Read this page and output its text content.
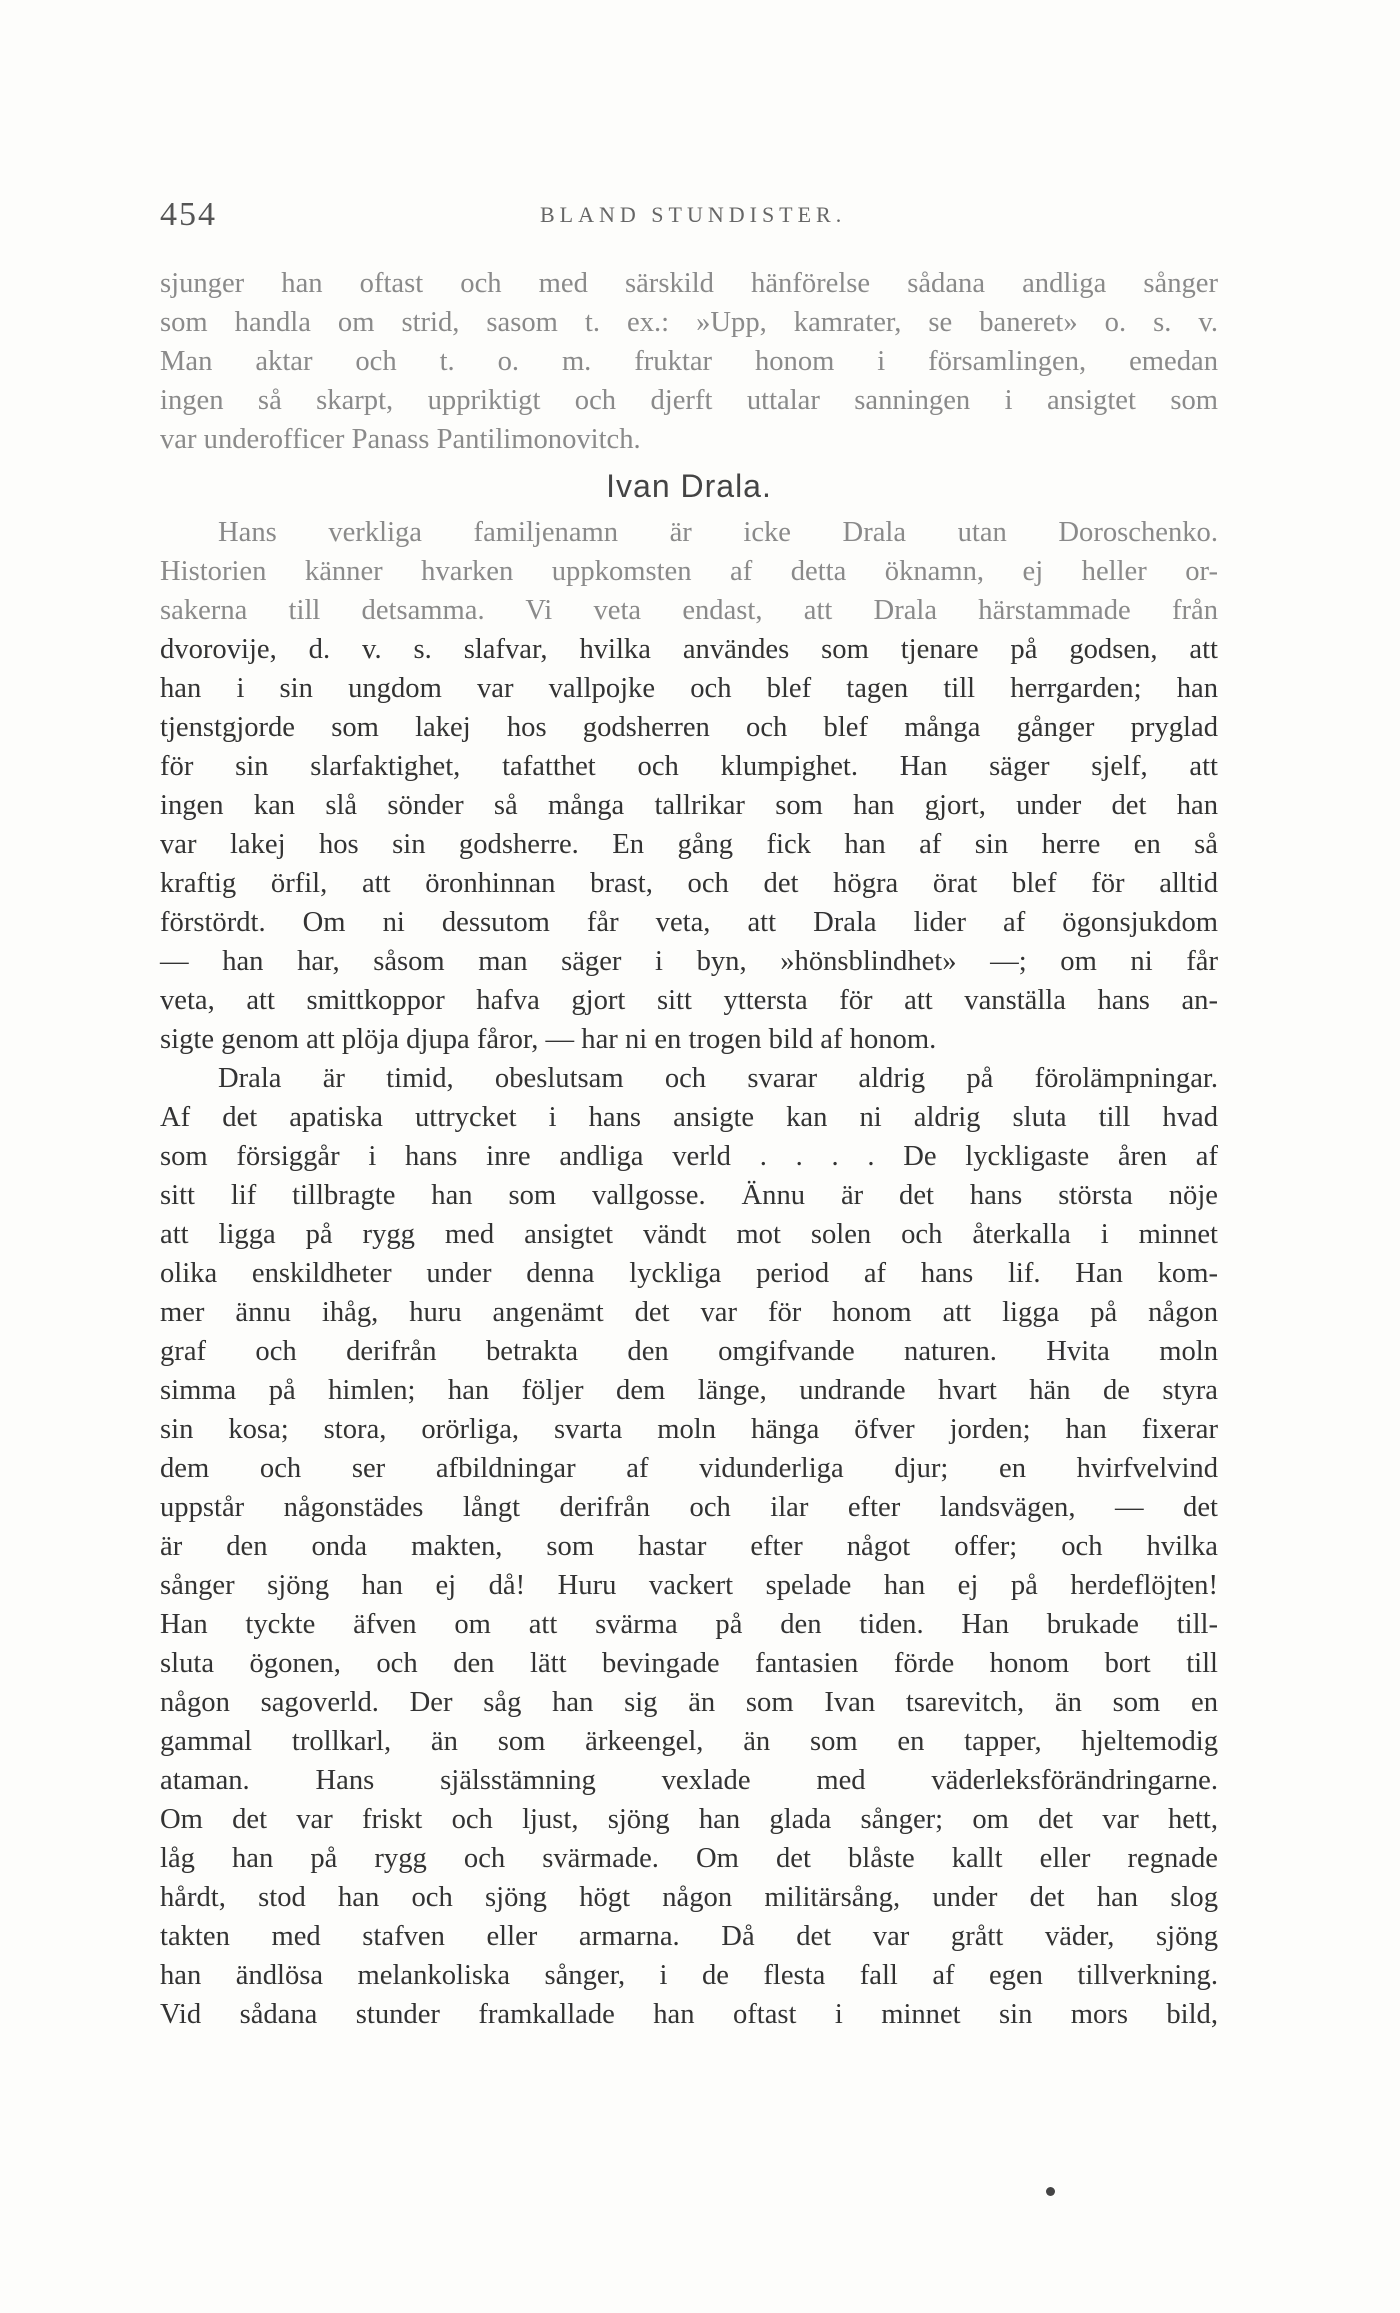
454	BLAND STUNDISTER.
sjunger han oftast och med särskild hänförelse sådana andliga sånger
som handla om strid, sasom t. ex.: »Upp, kamrater, se baneret» o. s. v.
Man aktar och t. o. m. fruktar honom i församlingen, emedan
ingen så skarpt, uppriktigt och djerft uttalar sanningen i ansigtet som
var underofficer Panass Pantilimonovitch.
Ivan Drala.
Hans verkliga familjenamn är icke Drala utan Doroschenko.
Historien känner hvarken uppkomsten af detta öknamn, ej heller or-
sakerna till detsamma. Vi veta endast, att Drala härstammade från
dvorovije, d. v. s. slafvar, hvilka användes som tjenare på godsen, att
han i sin ungdom var vallpojke och blef tagen till herrgarden; han
tjenstgjorde som lakej hos godsherren och blef många gånger pryglad
för sin slarfaktighet, tafatthet och klumpighet. Han säger sjelf, att
ingen kan slå sönder så många tallrikar som han gjort, under det han
var lakej hos sin godsherre. En gång fick han af sin herre en så
kraftig örfil, att öronhinnan brast, och det högra örat blef för alltid
förstördt. Om ni dessutom får veta, att Drala lider af ögonsjukdom
— han har, såsom man säger i byn, »hönsblindhet» —; om ni får
veta, att smittkoppor hafva gjort sitt yttersta för att vanställa hans an-
sigte genom att plöja djupa fåror, — har ni en trogen bild af honom.
Drala är timid, obeslutsam och svarar aldrig på förolämpningar.
Af det apatiska uttrycket i hans ansigte kan ni aldrig sluta till hvad
som försiggår i hans inre andliga verld . . . . De lyckligaste åren af
sitt lif tillbragte han som vallgosse. Ännu är det hans största nöje
att ligga på rygg med ansigtet vändt mot solen och återkalla i minnet
olika enskildheter under denna lyckliga period af hans lif. Han kom-
mer ännu ihåg, huru angenämt det var för honom att ligga på någon
graf och derifrån betrakta den omgifvande naturen. Hvita moln
simma på himlen; han följer dem länge, undrande hvart hän de styra
sin kosa; stora, orörliga, svarta moln hänga öfver jorden; han fixerar
dem och ser afbildningar af vidunderliga djur; en hvirfvelvind
uppstår någonstädes långt derifrån och ilar efter landsvägen, — det
är den onda makten, som hastar efter något offer; och hvilka
sånger sjöng han ej då! Huru vackert spelade han ej på herdeflöjten!
Han tyckte äfven om att svärma på den tiden. Han brukade till-
sluta ögonen, och den lätt bevingade fantasien förde honom bort till
någon sagoverld. Der såg han sig än som Ivan tsarevitch, än som en
gammal trollkarl, än som ärkeengel, än som en tapper, hjeltemodig
ataman. Hans själsstämning vexlade med väderleksförändringarne.
Om det var friskt och ljust, sjöng han glada sånger; om det var hett,
låg han på rygg och svärmade. Om det blåste kallt eller regnade
hårdt, stod han och sjöng högt någon militärsång, under det han slog
takten med stafven eller armarna. Då det var grått väder, sjöng
han ändlösa melankoliska sånger, i de flesta fall af egen tillverkning.
Vid sådana stunder framkallade han oftast i minnet sin mors bild,
